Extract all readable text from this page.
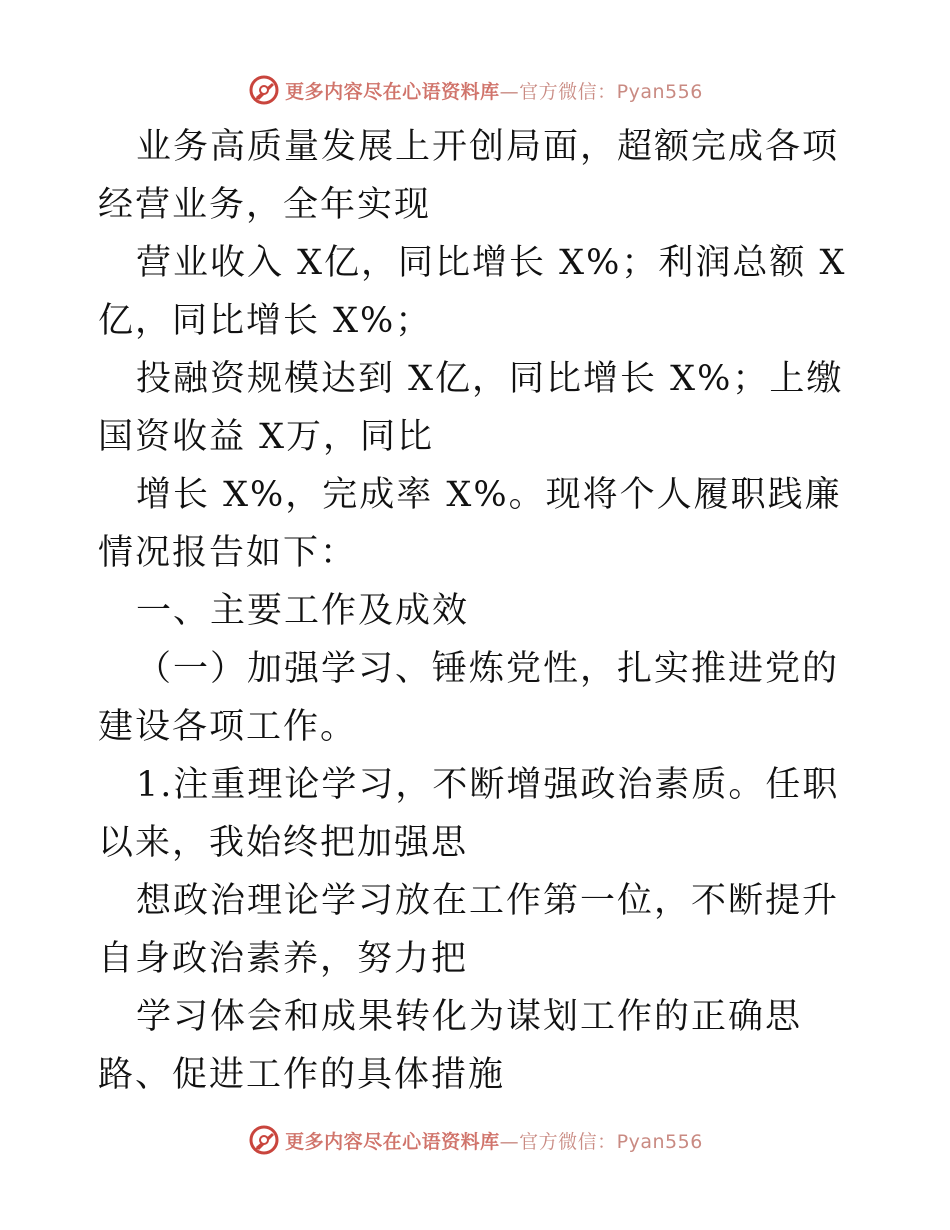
更多内容尽在心语资料库—官方微信：Pyan556

业务高质量发展上开创局面，超额完成各项经营业务，全年实现

营业收入 X亿，同比增长 X%；利润总额 X亿，同比增长 X%；

投融资规模达到 X亿，同比增长 X%；上缴国资收益 X万，同比

增长 X%，完成率 X%。现将个人履职践廉情况报告如下：

一、主要工作及成效

（一）加强学习、锤炼党性，扎实推进党的建设各项工作。

1.注重理论学习，不断增强政治素质。任职以来，我始终把加强思

想政治理论学习放在工作第一位，不断提升自身政治素养，努力把

学习体会和成果转化为谋划工作的正确思路、促进工作的具体措施

更多内容尽在心语资料库—官方微信：Pyan556
